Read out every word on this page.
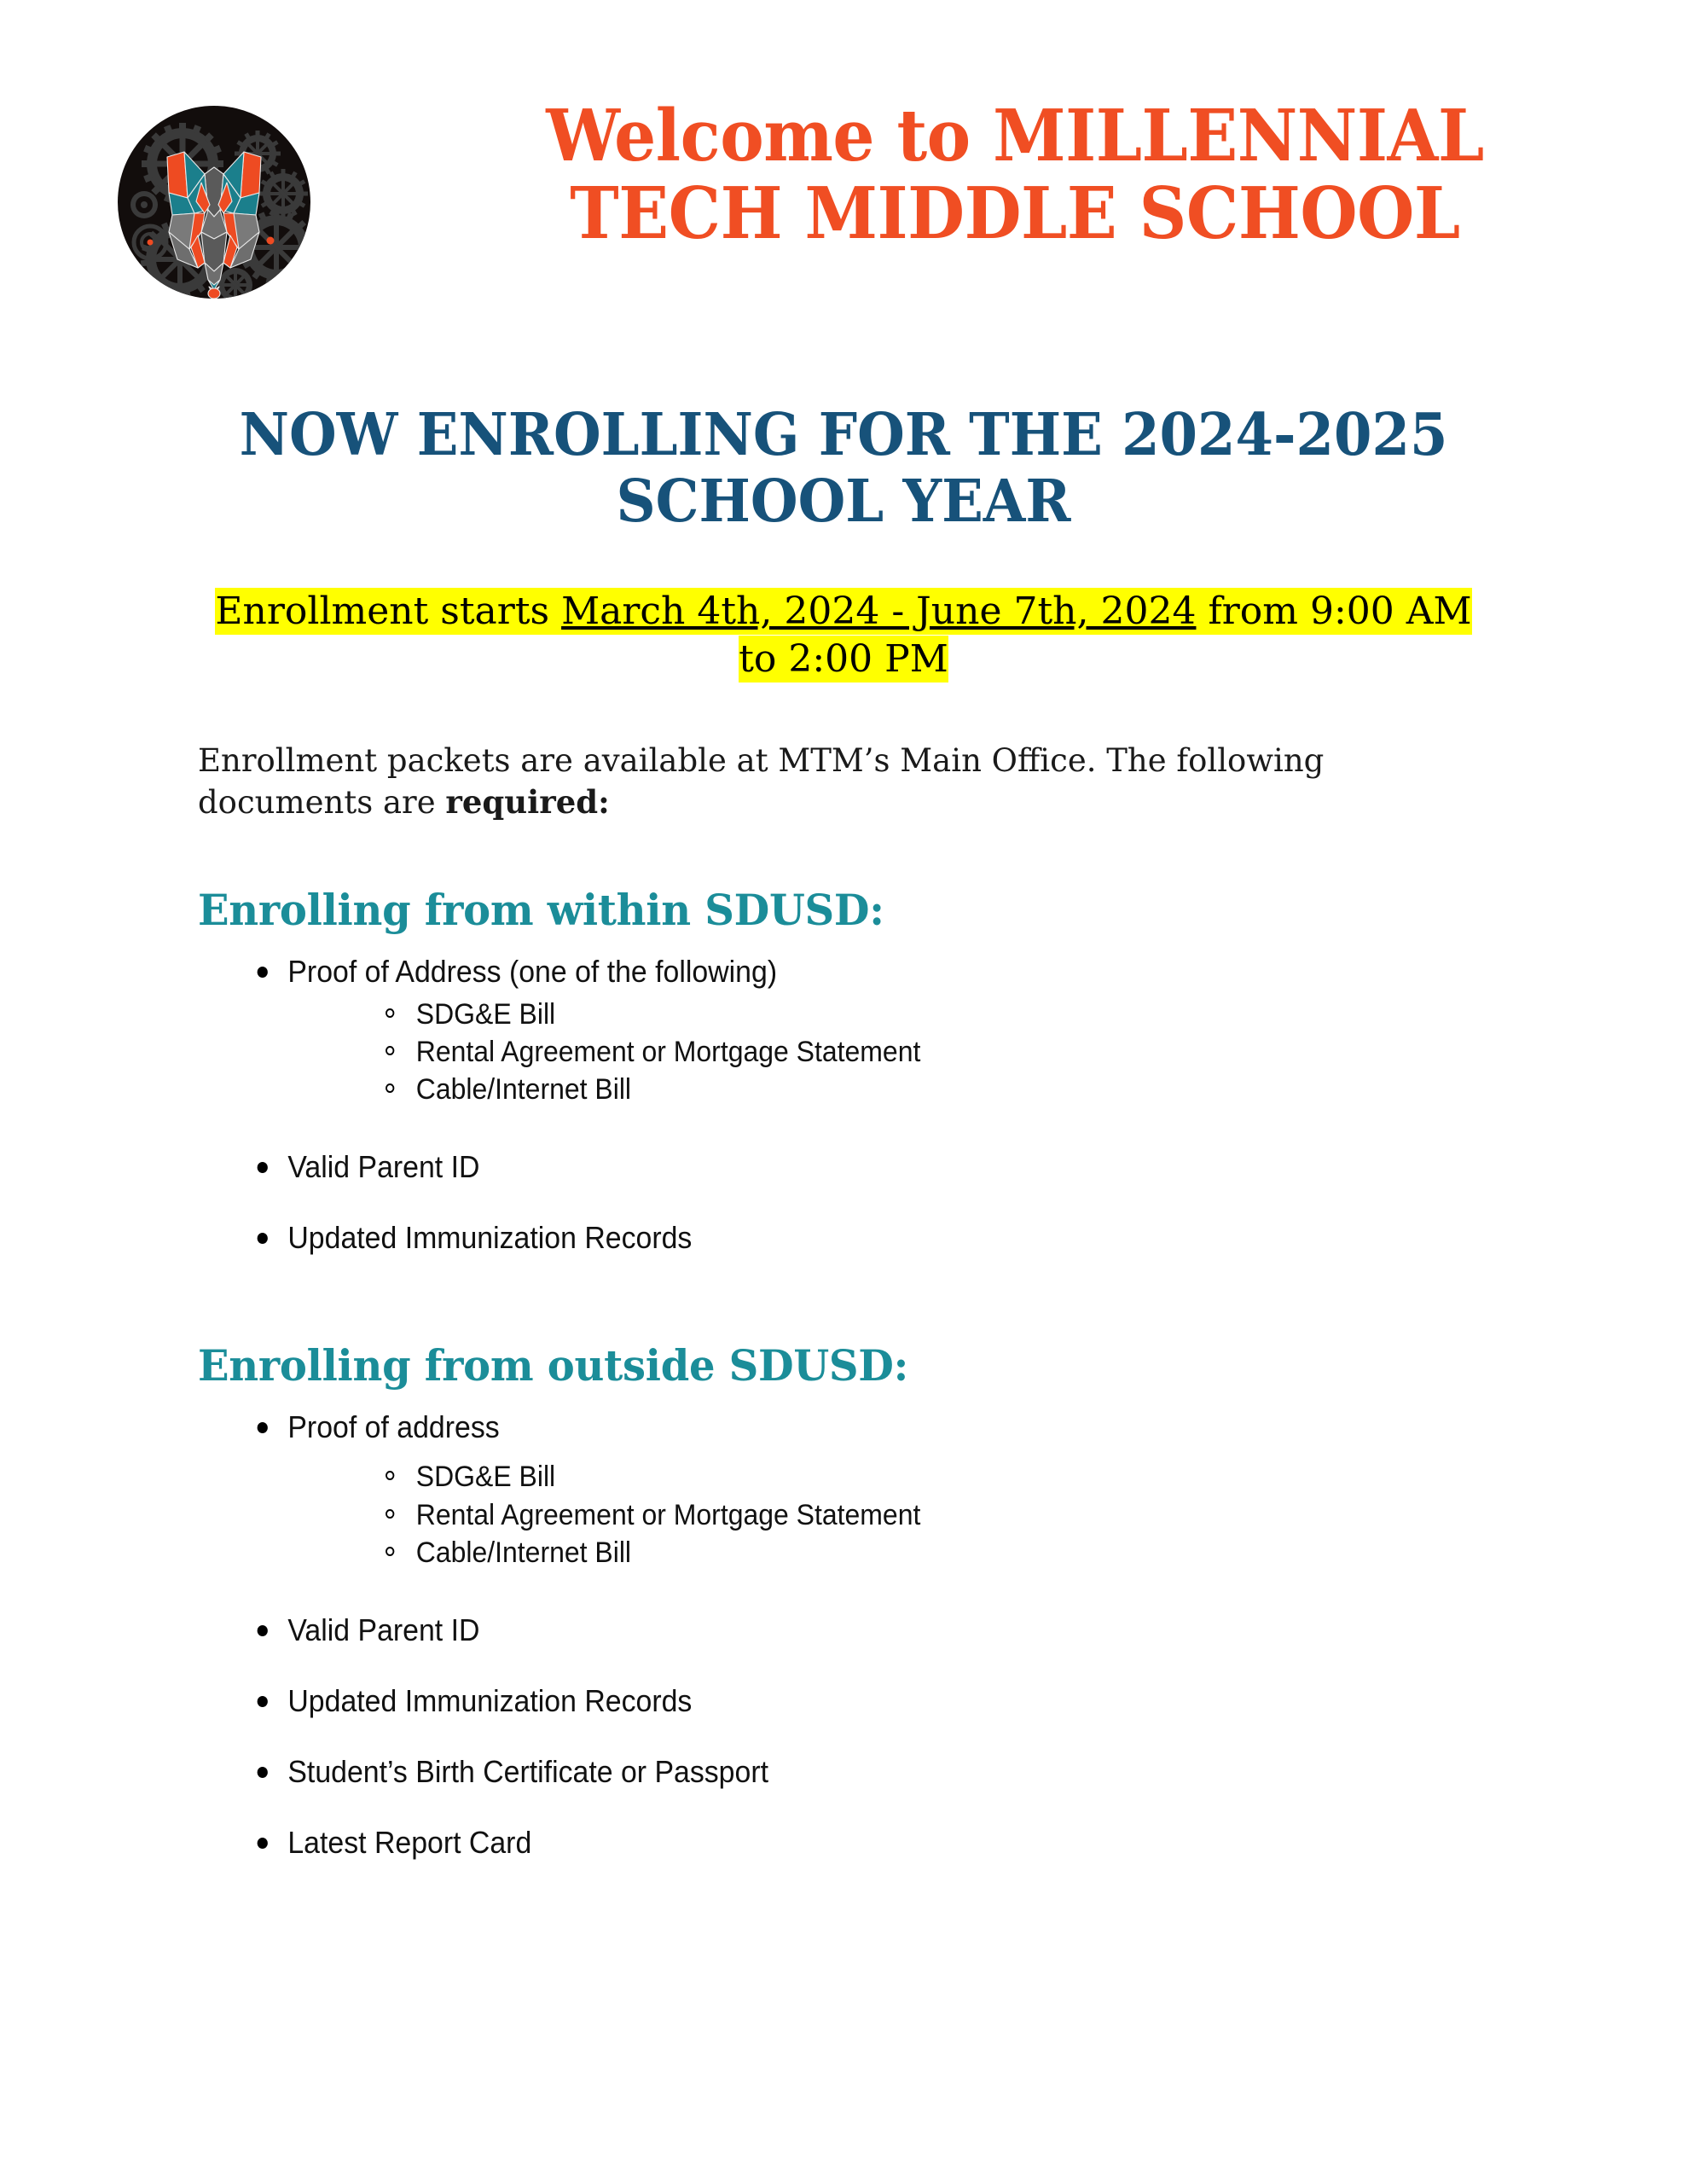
Welcome to MILLENNIAL
TECH MIDDLE SCHOOL
NOW ENROLLING FOR THE 2024-2025
SCHOOL YEAR
Enrollment starts March 4th, 2024 - June 7th, 2024 from 9:00 AM to 2:00 PM
Enrollment packets are available at MTM’s Main Office. The following documents are required:
Enrolling from within SDUSD:
Proof of Address (one of the following)
SDG&E Bill
Rental Agreement or Mortgage Statement
Cable/Internet Bill
Valid Parent ID
Updated Immunization Records
Enrolling from outside SDUSD:
Proof of address
SDG&E Bill
Rental Agreement or Mortgage Statement
Cable/Internet Bill
Valid Parent ID
Updated Immunization Records
Student’s Birth Certificate or Passport
Latest Report Card
